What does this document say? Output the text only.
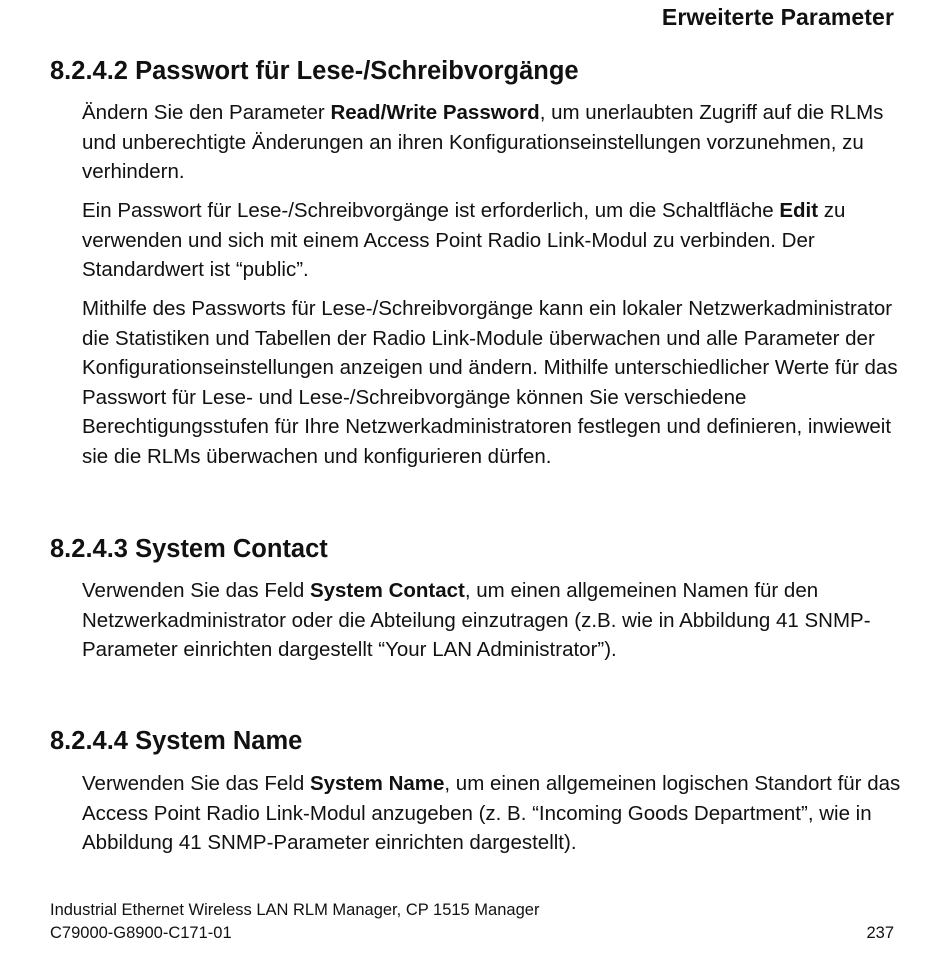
Erweiterte Parameter
8.2.4.2 Passwort für Lese-/Schreibvorgänge

Ändern Sie den Parameter Read/Write Password, um unerlaubten Zugriff auf die RLMs und unberechtigte Änderungen an ihren Konfigurationseinstellungen vorzunehmen, zu verhindern.

Ein Passwort für Lese-/Schreibvorgänge ist erforderlich, um die Schaltfläche Edit zu verwenden und sich mit einem Access Point Radio Link-Modul zu verbinden. Der Standardwert ist “public”.

Mithilfe des Passworts für Lese-/Schreibvorgänge kann ein lokaler Netzwerkadministrator die Statistiken und Tabellen der Radio Link-Module überwachen und alle Parameter der Konfigurationseinstellungen anzeigen und ändern. Mithilfe unterschiedlicher Werte für das Passwort für Lese- und Lese-/Schreibvorgänge können Sie verschiedene Berechtigungsstufen für Ihre Netzwerkadministratoren festlegen und definieren, inwieweit sie die RLMs überwachen und konfigurieren dürfen.

8.2.4.3 System Contact

Verwenden Sie das Feld System Contact, um einen allgemeinen Namen für den Netzwerkadministrator oder die Abteilung einzutragen (z.B. wie in Abbildung 41 SNMP-Parameter einrichten dargestellt “Your LAN Administrator”).

8.2.4.4 System Name

Verwenden Sie das Feld System Name, um einen allgemeinen logischen Standort für das Access Point Radio Link-Modul anzugeben (z. B. “Incoming Goods Department”, wie in Abbildung 41 SNMP-Parameter einrichten dargestellt).

Industrial Ethernet Wireless LAN RLM Manager, CP 1515 Manager
C79000-G8900-C171-01	237
